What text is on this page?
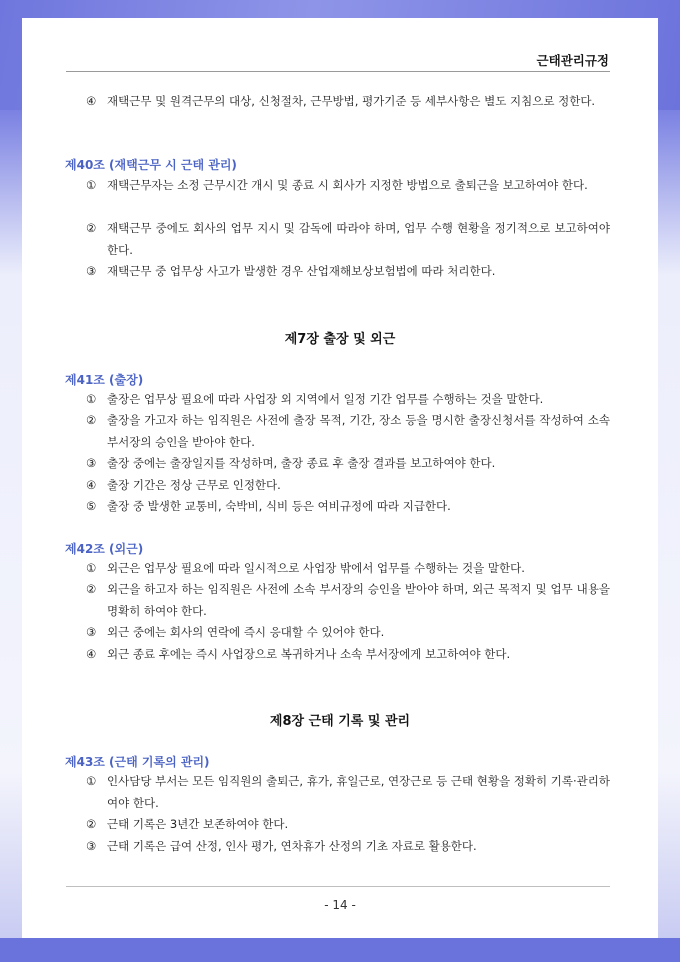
근태관리규정
④ 재택근무 및 원격근무의 대상, 신청절차, 근무방법, 평가기준 등 세부사항은 별도 지침으로 정한다.
제40조 (재택근무 시 근태 관리)
① 재택근무자는 소정 근무시간 개시 및 종료 시 회사가 지정한 방법으로 출퇴근을 보고하여야 한다.
② 재택근무 중에도 회사의 업무 지시 및 감독에 따라야 하며, 업무 수행 현황을 정기적으로 보고하여야 한다.
③ 재택근무 중 업무상 사고가 발생한 경우 산업재해보상보험법에 따라 처리한다.
제7장 출장 및 외근
제41조 (출장)
① 출장은 업무상 필요에 따라 사업장 외 지역에서 일정 기간 업무를 수행하는 것을 말한다.
② 출장을 가고자 하는 임직원은 사전에 출장 목적, 기간, 장소 등을 명시한 출장신청서를 작성하여 소속 부서장의 승인을 받아야 한다.
③ 출장 중에는 출장일지를 작성하며, 출장 종료 후 출장 결과를 보고하여야 한다.
④ 출장 기간은 정상 근무로 인정한다.
⑤ 출장 중 발생한 교통비, 숙박비, 식비 등은 여비규정에 따라 지급한다.
제42조 (외근)
① 외근은 업무상 필요에 따라 일시적으로 사업장 밖에서 업무를 수행하는 것을 말한다.
② 외근을 하고자 하는 임직원은 사전에 소속 부서장의 승인을 받아야 하며, 외근 목적지 및 업무 내용을 명확히 하여야 한다.
③ 외근 중에는 회사의 연락에 즉시 응대할 수 있어야 한다.
④ 외근 종료 후에는 즉시 사업장으로 복귀하거나 소속 부서장에게 보고하여야 한다.
제8장 근태 기록 및 관리
제43조 (근태 기록의 관리)
① 인사담당 부서는 모든 임직원의 출퇴근, 휴가, 휴일근로, 연장근로 등 근태 현황을 정확히 기록·관리하여야 한다.
② 근태 기록은 3년간 보존하여야 한다.
③ 근태 기록은 급여 산정, 인사 평가, 연차휴가 산정의 기초 자료로 활용한다.
- 14 -
